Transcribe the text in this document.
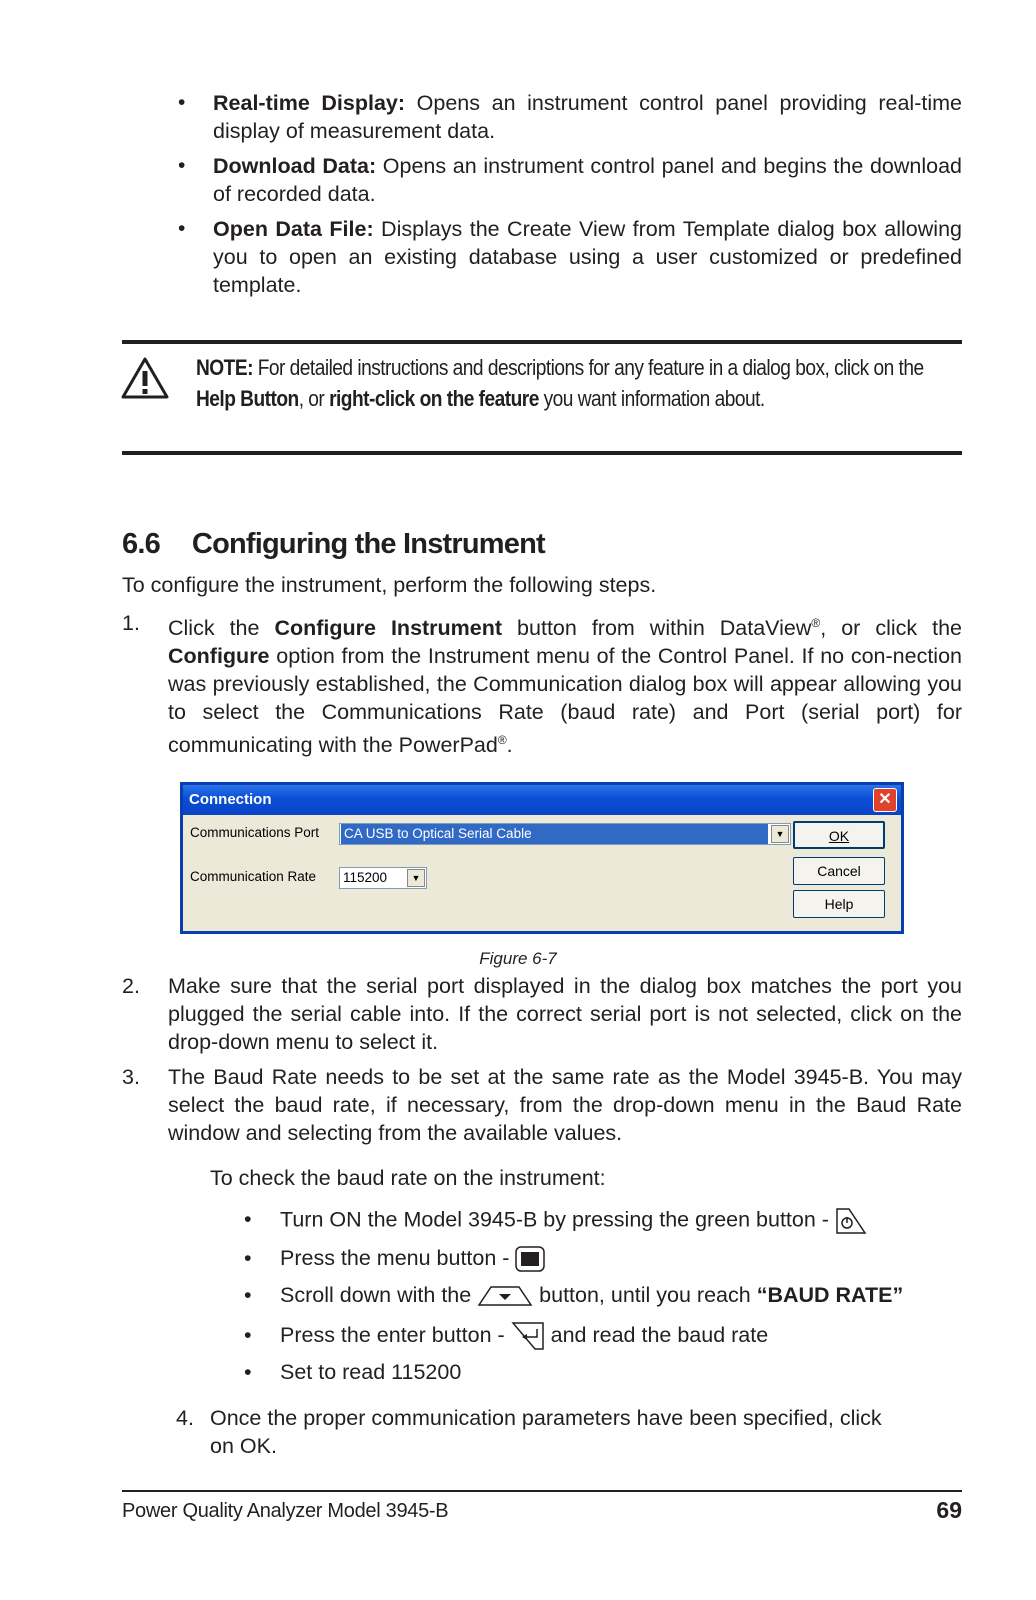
• Real-time Display: Opens an instrument control panel providing real-time display of measurement data.
• Download Data: Opens an instrument control panel and begins the download of recorded data.
• Open Data File: Displays the Create View from Template dialog box allowing you to open an existing database using a user customized or predefined template.
NOTE: For detailed instructions and descriptions for any feature in a dialog box, click on the Help Button, or right-click on the feature you want information about.
6.6 Configuring the Instrument
To configure the instrument, perform the following steps.
1. Click the Configure Instrument button from within DataView®, or click the Configure option from the Instrument menu of the Control Panel. If no con-nection was previously established, the Communication dialog box will appear allowing you to select the Communications Rate (baud rate) and Port (serial port) for communicating with the PowerPad®.
Connection	✕
Communications Port CA USB to Optical Serial Cable	▼
Communication Rate 115200	▼
OK
Cancel
Help
Figure 6-7
2. Make sure that the serial port displayed in the dialog box matches the port you plugged the serial cable into. If the correct serial port is not selected, click on the drop-down menu to select it.
3. The Baud Rate needs to be set at the same rate as the Model 3945-B. You may select the baud rate, if necessary, from the drop-down menu in the Baud Rate window and selecting from the available values.
To check the baud rate on the instrument:
• Turn ON the Model 3945-B by pressing the green button -
• Press the menu button -
• Scroll down with the	button, until you reach “BAUD RATE”
• Press the enter button -  and read the baud rate
• Set to read 115200
4. Once the proper communication parameters have been specified, click on OK.
Power Quality Analyzer Model 3945-B	69
